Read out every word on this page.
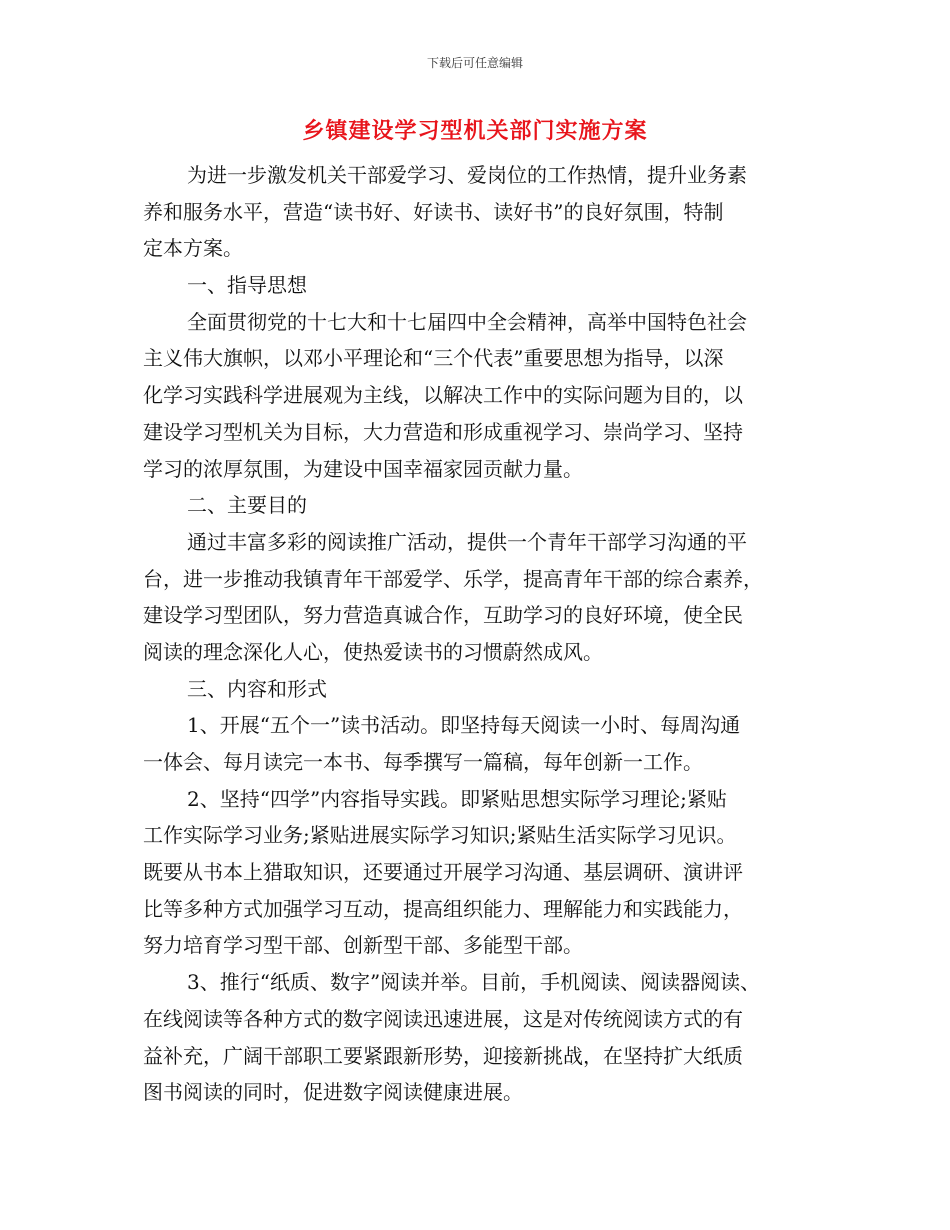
下载后可任意编辑
乡镇建设学习型机关部门实施方案
为进一步激发机关干部爱学习、爱岗位的工作热情，提升业务素
养和服务水平，营造“读书好、好读书、读好书”的良好氛围，特制
定本方案。
一、指导思想
全面贯彻党的十七大和十七届四中全会精神，高举中国特色社会
主义伟大旗帜，以邓小平理论和“三个代表”重要思想为指导，以深
化学习实践科学进展观为主线，以解决工作中的实际问题为目的，以
建设学习型机关为目标，大力营造和形成重视学习、崇尚学习、坚持
学习的浓厚氛围，为建设中国幸福家园贡献力量。
二、主要目的
通过丰富多彩的阅读推广活动，提供一个青年干部学习沟通的平
台，进一步推动我镇青年干部爱学、乐学，提高青年干部的综合素养，
建设学习型团队，努力营造真诚合作，互助学习的良好环境，使全民
阅读的理念深化人心，使热爱读书的习惯蔚然成风。
三、内容和形式
1、开展“五个一”读书活动。即坚持每天阅读一小时、每周沟通
一体会、每月读完一本书、每季撰写一篇稿，每年创新一工作。
2、坚持“四学”内容指导实践。即紧贴思想实际学习理论;紧贴
工作实际学习业务;紧贴进展实际学习知识;紧贴生活实际学习见识。
既要从书本上猎取知识，还要通过开展学习沟通、基层调研、演讲评
比等多种方式加强学习互动，提高组织能力、理解能力和实践能力，
努力培育学习型干部、创新型干部、多能型干部。
3、推行“纸质、数字”阅读并举。目前，手机阅读、阅读器阅读、
在线阅读等各种方式的数字阅读迅速进展，这是对传统阅读方式的有
益补充，广阔干部职工要紧跟新形势，迎接新挑战，在坚持扩大纸质
图书阅读的同时，促进数字阅读健康进展。
